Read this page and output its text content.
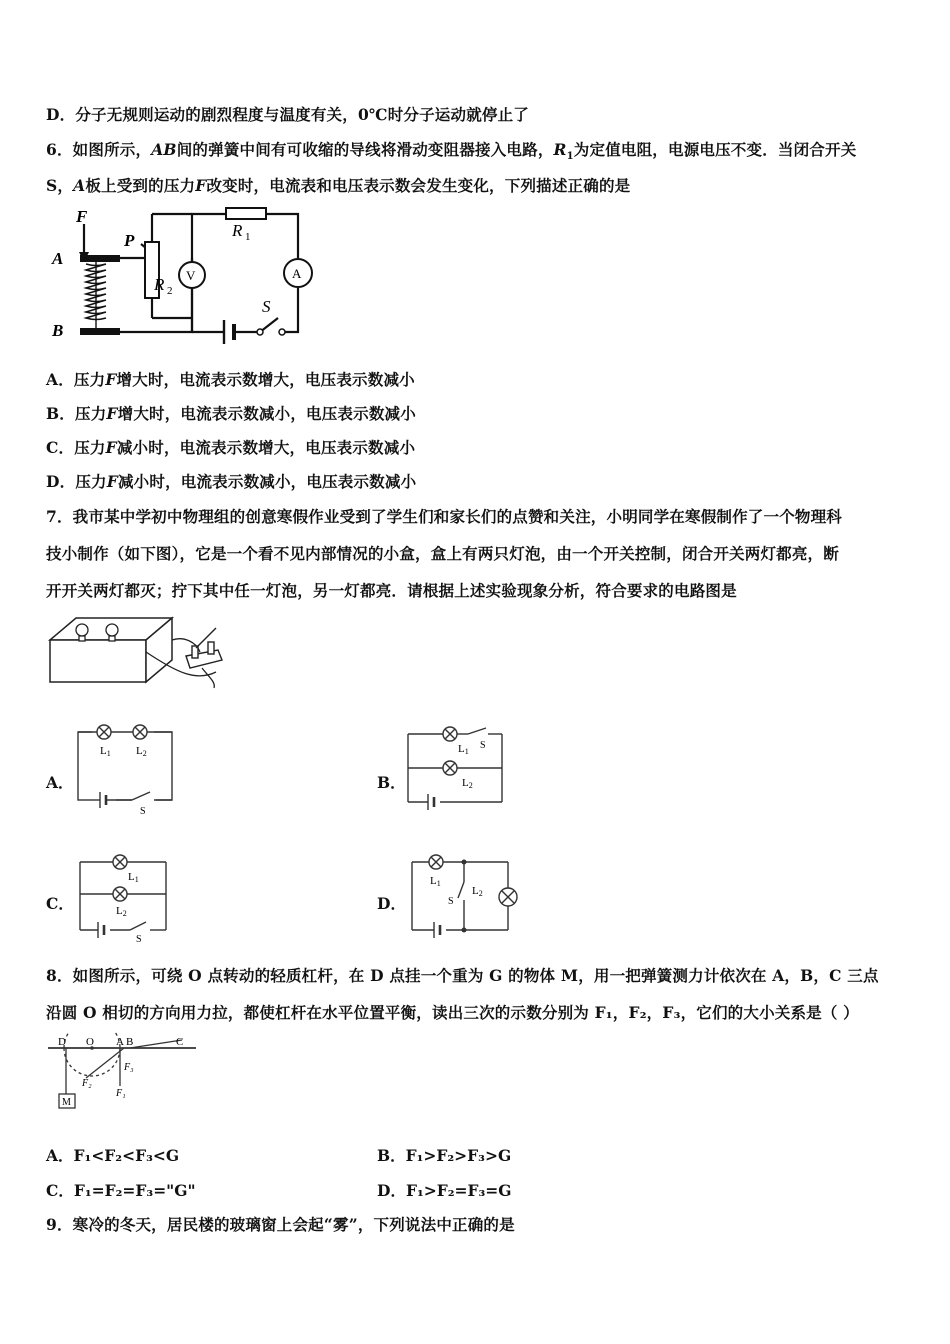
D．分子无规则运动的剧烈程度与温度有关，0℃时分子运动就停止了
6．如图所示，AB间的弹簧中间有可收缩的导线将滑动变阻器接入电路，$R_1$为定值电阻，电源电压不变．当闭合开关
S，A板上受到的压力F改变时，电流表和电压表示数会发生变化，下列描述正确的是
F
A
P
B
R 1
R 2
V	A
S
A．压力F增大时，电流表示数增大，电压表示数减小
B．压力F增大时，电流表示数减小，电压表示数减小
C．压力F减小时，电流表示数增大，电压表示数减小
D．压力F减小时，电流表示数减小，电压表示数减小
7．我市某中学初中物理组的创意寒假作业受到了学生们和家长们的点赞和关注，小明同学在寒假制作了一个物理科
技小制作（如下图），它是一个看不见内部情况的小盒，盒上有两只灯泡，由一个开关控制，闭合开关两灯都亮，断
开开关两灯都灭；拧下其中任一灯泡，另一灯都亮．请根据上述实验现象分析，符合要求的电路图是
A．
L1 L2
S
B．
L1
S
L2
C．
L1
L2
S
D．
L1
S
L2
8．如图所示，可绕 O 点转动的轻质杠杆，在 D 点挂一个重为 G 的物体 M，用一把弹簧测力计依次在 A，B，C 三点
沿圆 O 相切的方向用力拉，都使杠杆在水平位置平衡，读出三次的示数分别为 F₁，F₂，F₃，它们的大小关系是（ ）
D O A B	C
F₂
F₃
F₁
M
A．F₁<F₂<F₃<G	B．F₁>F₂>F₃>G
C．F₁=F₂=F₃="G"	D．F₁>F₂=F₃=G
9．寒冷的冬天，居民楼的玻璃窗上会起“雾”，下列说法中正确的是
